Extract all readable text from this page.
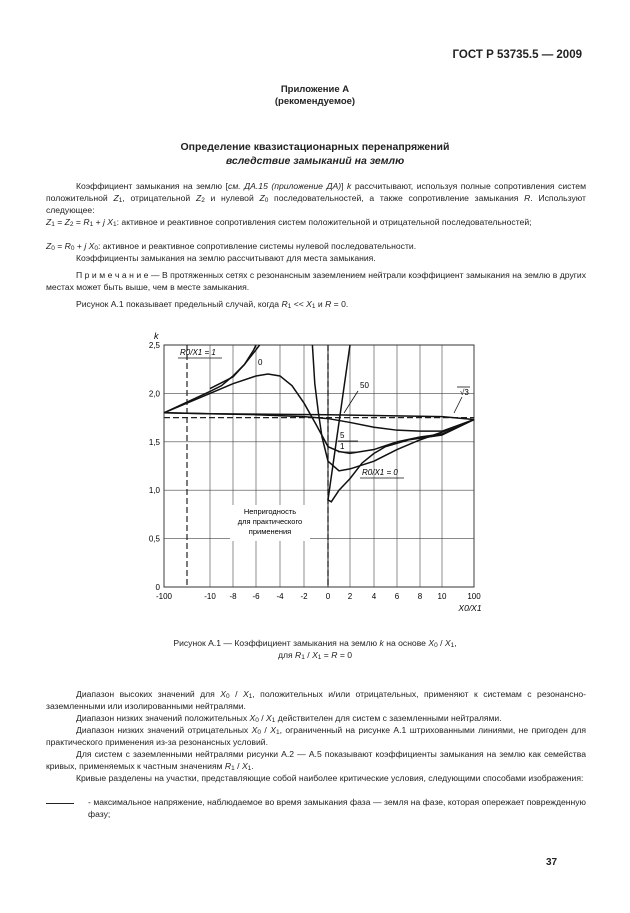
ГОСТ Р 53735.5 — 2009
Приложение А
(рекомендуемое)
Определение квазистационарных перенапряжений
вследствие замыканий на землю
Коэффициент замыкания на землю [см. ДА.15 (приложение ДА)] k рассчитывают, используя полные сопротивления систем положительной $Z_1$, отрицательной $Z_2$ и нулевой $Z_0$ последовательностей, а также сопротивление замыкания R. Используют следующее:
$Z_1 = Z_2 = R_1 + j$ $X_1$: активное и реактивное сопротивления систем положительной и отрицательной последовательностей;
$Z_0 = R_0 + j$ $X_0$: активное и реактивное сопротивление системы нулевой последовательности.
Коэффициенты замыкания на землю рассчитывают для места замыкания.
П р и м е ч а н и е — В протяженных сетях с резонансным заземлением нейтрали коэффициент замыкания на землю в других местах может быть выше, чем в месте замыкания.
Рисунок А.1 показывает предельный случай, когда $R_1 << X_1$ и R = 0.
0
0,5
1,0
1,5
2,0
2,5
-100	-10 -8 -6 -4 -2 0 2 4 6 8 10	100
k
X0/X1
R0/X1 = 1
0
50
5
1
R0/X1 = 0
√3
Непригодность
для практического
применения
Рисунок А.1 — Коэффициент замыкания на землю k на основе $X_0 / X_1$,
для $R_1 / X_1 = R = 0$
Диапазон высоких значений для $X_0 / X_1$, положительных и/или отрицательных, применяют к системам с резонансно-заземленными или изолированными нейтралями.
Диапазон низких значений положительных $X_0 / X_1$ действителен для систем с заземленными нейтралями.
Диапазон низких значений отрицательных $X_0 / X_1$, ограниченный на рисунке А.1 штрихованными линиями, не пригоден для практического применения из-за резонансных условий.
Для систем с заземленными нейтралями рисунки А.2 — А.5 показывают коэффициенты замыкания на землю как семейства кривых, применяемых к частным значениям $R_1 / X_1$.
Кривые разделены на участки, представляющие собой наиболее критические условия, следующими способами изображения:
- максимальное напряжение, наблюдаемое во время замыкания фаза — земля на фазе, которая опережает поврежденную фазу;
37
